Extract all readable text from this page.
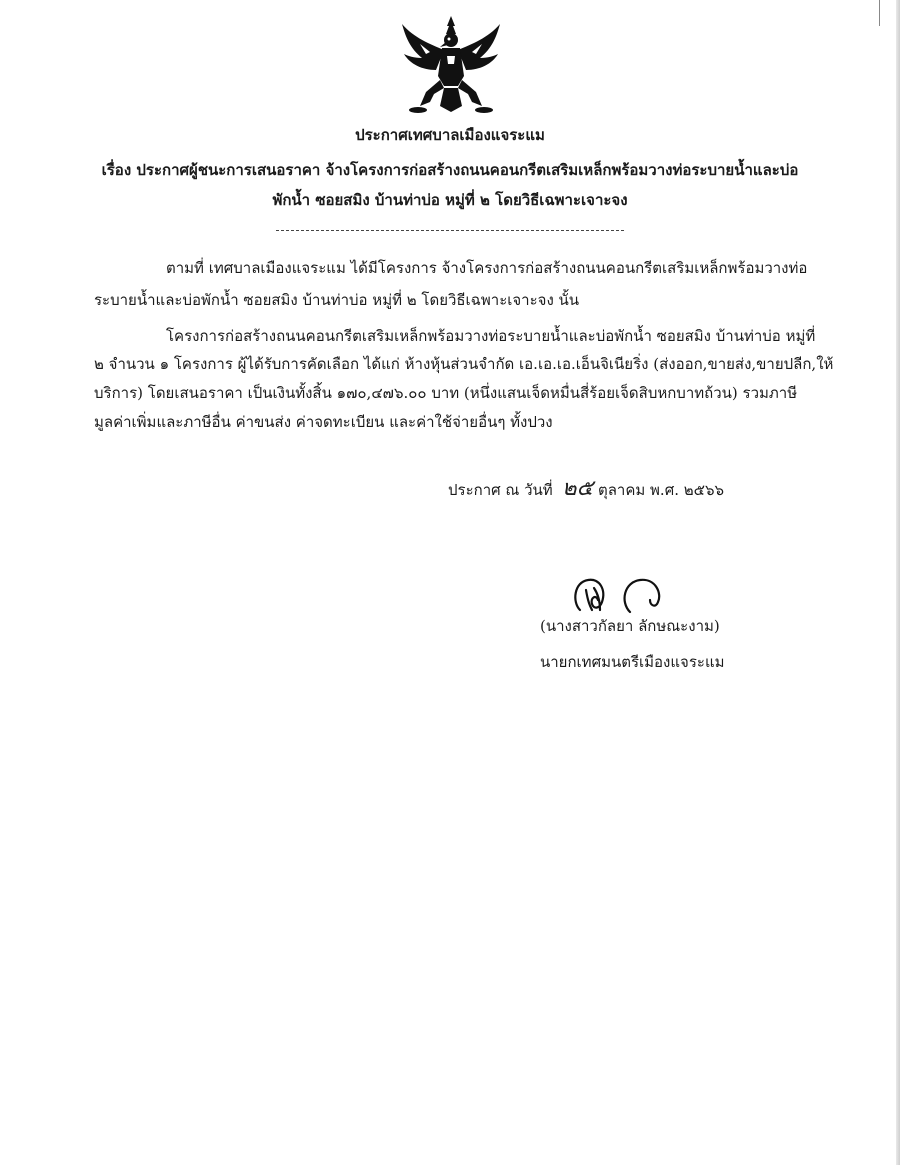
ประกาศเทศบาลเมืองแจระแม
เรื่อง ประกาศผู้ชนะการเสนอราคา จ้างโครงการก่อสร้างถนนคอนกรีตเสริมเหล็กพร้อมวางท่อระบายน้ำและบ่อ
พักน้ำ ซอยสมิง บ้านท่าบ่อ หมู่ที่ ๒ โดยวิธีเฉพาะเจาะจง
ตามที่ เทศบาลเมืองแจระแม ได้มีโครงการ จ้างโครงการก่อสร้างถนนคอนกรีตเสริมเหล็กพร้อมวางท่อ
ระบายน้ำและบ่อพักน้ำ ซอยสมิง บ้านท่าบ่อ หมู่ที่ ๒ โดยวิธีเฉพาะเจาะจง นั้น
โครงการก่อสร้างถนนคอนกรีตเสริมเหล็กพร้อมวางท่อระบายน้ำและบ่อพักน้ำ ซอยสมิง บ้านท่าบ่อ หมู่ที่
๒ จำนวน ๑ โครงการ ผู้ได้รับการคัดเลือก ได้แก่ ห้างหุ้นส่วนจำกัด เอ.เอ.เอ.เอ็นจิเนียริ่ง (ส่งออก,ขายส่ง,ขายปลีก,ให้
บริการ) โดยเสนอราคา เป็นเงินทั้งสิ้น ๑๗๐,๔๗๖.๐๐ บาท (หนึ่งแสนเจ็ดหมื่นสี่ร้อยเจ็ดสิบหกบาทถ้วน) รวมภาษี
มูลค่าเพิ่มและภาษีอื่น ค่าขนส่ง ค่าจดทะเบียน และค่าใช้จ่ายอื่นๆ ทั้งปวง
ประกาศ ณ วันที่ ๒๕ ตุลาคม พ.ศ. ๒๕๖๖
(นางสาวกัลยา ลักษณะงาม)
นายกเทศมนตรีเมืองแจระแม
